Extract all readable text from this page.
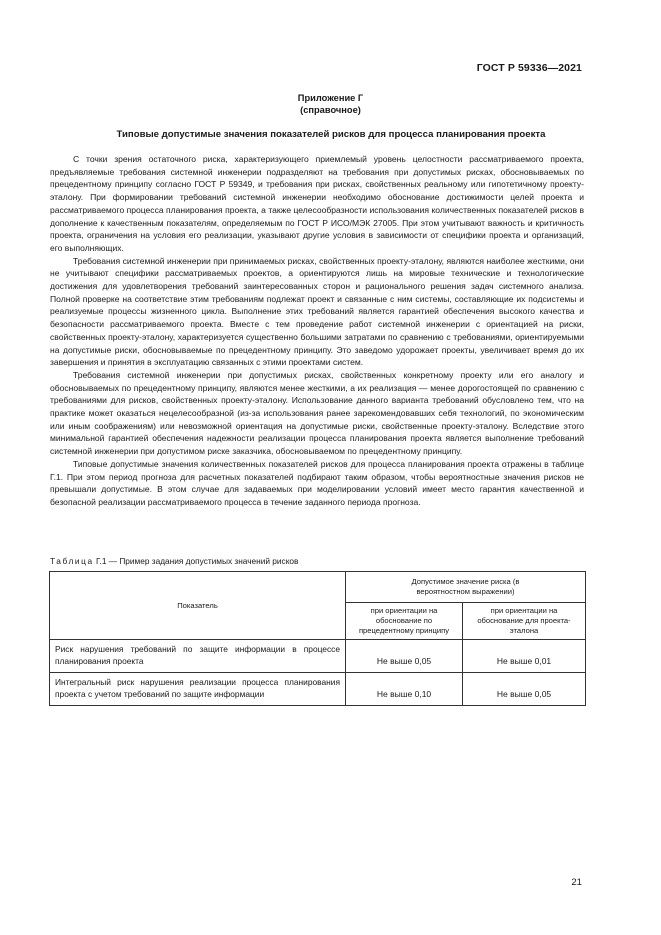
ГОСТ Р 59336—2021
Приложение Г
(справочное)
Типовые допустимые значения показателей рисков для процесса планирования проекта

С точки зрения остаточного риска, характеризующего приемлемый уровень целостности рассматриваемого проекта, предъявляемые требования системной инженерии подразделяют на требования при допустимых рисках, обосновываемых по прецедентному принципу согласно ГОСТ Р 59349, и требования при рисках, свойственных реальному или гипотетичному проекту-эталону. При формировании требований системной инженерии необходимо обоснование достижимости целей проекта и рассматриваемого процесса планирования проекта, а также целесообразности использования количественных показателей рисков в дополнение к качественным показателям, определяемым по ГОСТ Р ИСО/МЭК 27005. При этом учитывают важность и критичность проекта, ограничения на условия его реализации, указывают другие условия в зависимости от специфики проекта и организаций, его выполняющих.

Требования системной инженерии при принимаемых рисках, свойственных проекту-эталону, являются наиболее жесткими, они не учитывают специфики рассматриваемых проектов, а ориентируются лишь на мировые технические и технологические достижения для удовлетворения требований заинтересованных сторон и рационального решения задач системного анализа. Полной проверке на соответствие этим требованиям подлежат проект и связанные с ним системы, составляющие их подсистемы и реализуемые процессы жизненного цикла. Выполнение этих требований является гарантией обеспечения высокого качества и безопасности рассматриваемого проекта. Вместе с тем проведение работ системной инженерии с ориентацией на риски, свойственных проекту-эталону, характеризуется существенно большими затратами по сравнению с требованиями, ориентируемыми на допустимые риски, обосновываемые по прецедентному принципу. Это заведомо удорожает проекты, увеличивает время до их завершения и принятия в эксплуатацию связанных с этими проектами систем.

Требования системной инженерии при допустимых рисках, свойственных конкретному проекту или его аналогу и обосновываемых по прецедентному принципу, являются менее жесткими, а их реализация — менее дорогостоящей по сравнению с требованиями для рисков, свойственных проекту-эталону. Использование данного варианта требований обусловлено тем, что на практике может оказаться нецелесообразной (из-за использования ранее зарекомендовавших себя технологий, по экономическим или иным соображениям) или невозможной ориентация на допустимые риски, свойственные проекту-эталону. Вследствие этого минимальной гарантией обеспечения надежности реализации процесса планирования проекта является выполнение требований системной инженерии при допустимом риске заказчика, обосновываемом по прецедентному принципу.

Типовые допустимые значения количественных показателей рисков для процесса планирования проекта отражены в таблице Г.1. При этом период прогноза для расчетных показателей подбирают таким образом, чтобы вероятностные значения рисков не превышали допустимые. В этом случае для задаваемых при моделировании условий имеет место гарантия качественной и безопасной реализации рассматриваемого процесса в течение заданного периода прогноза.

Таблица Г.1 — Пример задания допустимых значений рисков
Показатель	Допустимое значение риска (в вероятностном выражении)	
	при ориентации на обоснование по прецедентному принципу	при ориентации на обоснование для проекта-эталона
Риск нарушения требований по защите информации в процессе планирования проекта	Не выше 0,05	Не выше 0,01
Интегральный риск нарушения реализации процесса планирования проекта с учетом требований по защите информации	Не выше 0,10	Не выше 0,05
21
